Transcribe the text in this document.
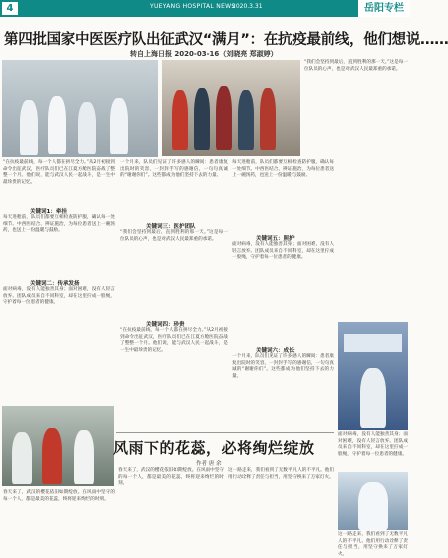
4	YUEYANG HOSPITAL NEWS
2020.3.31	岳阳专栏
第四批国家中医医疗队出征武汉“满月”：在抗疫最前线，他们想说……
转自上海日报 2020-03-16（刘晓亮 郑淑婷）
“在抗疫最前线，每一个人都在拼尽全力。”从2月初接到命令出征武汉，医疗队员们已在江夏方舱医院奋战了整整一个月。他们说，能与武汉人民一起战斗，是一生中最珍贵的记忆。
关键词1：牵挂
每天进舱前，队员们都要互相检查防护服，确认每一处细节。中西医结合、辨证施治，为每位患者送上一碗汤药，也送上一份温暖与鼓励。
关键词二：传承发扬
面对病毒，没有人能独善其身；面对困难，没有人轻言放弃。团队成员来自不同科室，却在这里拧成一股绳，守护着每一位患者的健康。
春天来了，武汉的樱花依旧如期绽放。在风雨中坚守的每一个人，都是最美的花蕊，终将迎来绚烂的时刻。
一个月来，队员们见证了许多感人的瞬间：患者康复出院时的笑容，一封封手写的感谢信，一句句真诚的“谢谢你们”。这些都成为他们坚持下去的力量。
关键词三：医护团队
“我们会坚持到最后，直到胜利的那一天。”这是每一位队员的心声，也是对武汉人民最郑重的承诺。
关键词四：珍贵
“在抗疫最前线，每一个人都在拼尽全力。”从2月初接到命令出征武汉，医疗队员们已在江夏方舱医院奋战了整整一个月。他们说，能与武汉人民一起战斗，是一生中最珍贵的记忆。
每天进舱前，队员们都要互相检查防护服，确认每一处细节。中西医结合、辨证施治，为每位患者送上一碗汤药，也送上一份温暖与鼓励。
关键词五：照护
面对病毒，没有人能独善其身；面对困难，没有人轻言放弃。团队成员来自不同科室，却在这里拧成一股绳，守护着每一位患者的健康。
关键词六：成长
一个月来，队员们见证了许多感人的瞬间：患者康复出院时的笑容，一封封手写的感谢信，一句句真诚的“谢谢你们”。这些都成为他们坚持下去的力量。
“我们会坚持到最后，直到胜利的那一天。”这是每一位队员的心声，也是对武汉人民最郑重的承诺。
面对病毒，没有人能独善其身；面对困难，没有人轻言放弃。团队成员来自不同科室，却在这里拧成一股绳，守护着每一位患者的健康。
这一路走来，我们看到了无数平凡人的不平凡。他们用行动诠释了责任与担当，用坚守换来了万家灯火。
风雨下的花蕊，必将绚烂绽放
作者 唐 余
春天来了，武汉的樱花依旧如期绽放。在风雨中坚守的每一个人，都是最美的花蕊，终将迎来绚烂的时刻。
这一路走来，我们看到了无数平凡人的不平凡。他们用行动诠释了责任与担当，用坚守换来了万家灯火。
